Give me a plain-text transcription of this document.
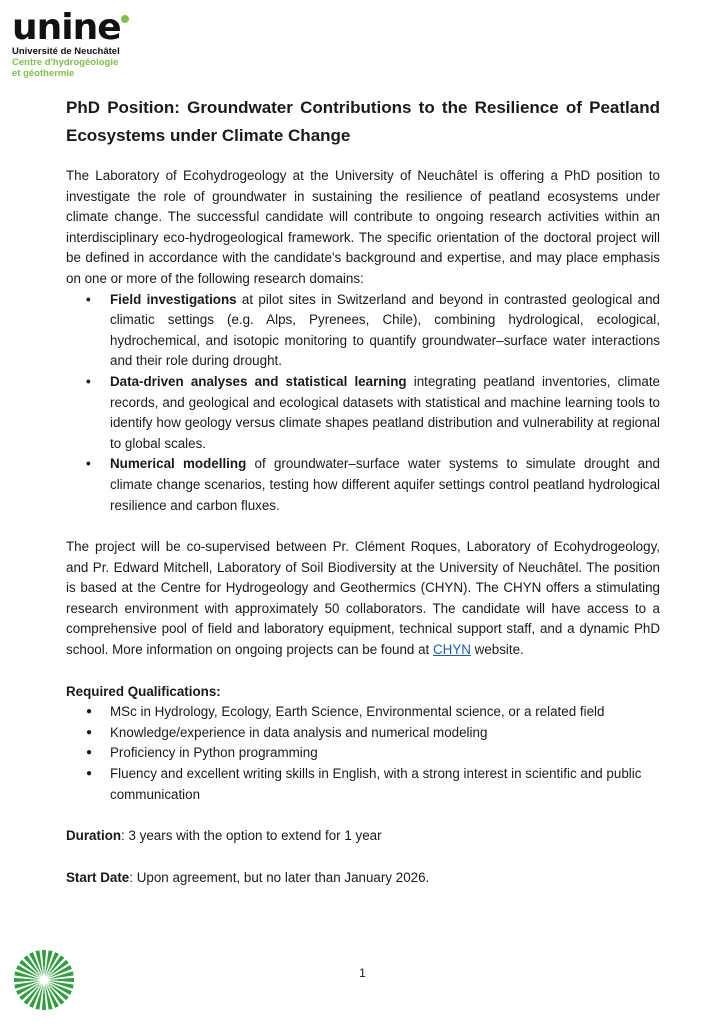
unine
Université de Neuchâtel
Centre d'hydrogéologie
et géothermie
PhD Position: Groundwater Contributions to the Resilience of Peatland Ecosystems under Climate Change

The Laboratory of Ecohydrogeology at the University of Neuchâtel is offering a PhD position to investigate the role of groundwater in sustaining the resilience of peatland ecosystems under climate change. The successful candidate will contribute to ongoing research activities within an interdisciplinary eco-hydrogeological framework. The specific orientation of the doctoral project will be defined in accordance with the candidate's background and expertise, and may place emphasis on one or more of the following research domains:

• Field investigations at pilot sites in Switzerland and beyond in contrasted geological and climatic settings (e.g. Alps, Pyrenees, Chile), combining hydrological, ecological, hydrochemical, and isotopic monitoring to quantify groundwater–surface water interactions and their role during drought.
• Data-driven analyses and statistical learning integrating peatland inventories, climate records, and geological and ecological datasets with statistical and machine learning tools to identify how geology versus climate shapes peatland distribution and vulnerability at regional to global scales.
• Numerical modelling of groundwater–surface water systems to simulate drought and climate change scenarios, testing how different aquifer settings control peatland hydrological resilience and carbon fluxes.

The project will be co-supervised between Pr. Clément Roques, Laboratory of Ecohydrogeology, and Pr. Edward Mitchell, Laboratory of Soil Biodiversity at the University of Neuchâtel. The position is based at the Centre for Hydrogeology and Geothermics (CHYN). The CHYN offers a stimulating research environment with approximately 50 collaborators. The candidate will have access to a comprehensive pool of field and laboratory equipment, technical support staff, and a dynamic PhD school. More information on ongoing projects can be found at CHYN website.

Required Qualifications:
● MSc in Hydrology, Ecology, Earth Science, Environmental science, or a related field
● Knowledge/experience in data analysis and numerical modeling
● Proficiency in Python programming
● Fluency and excellent writing skills in English, with a strong interest in scientific and public communication

Duration: 3 years with the option to extend for 1 year

Start Date: Upon agreement, but no later than January 2026.

1
